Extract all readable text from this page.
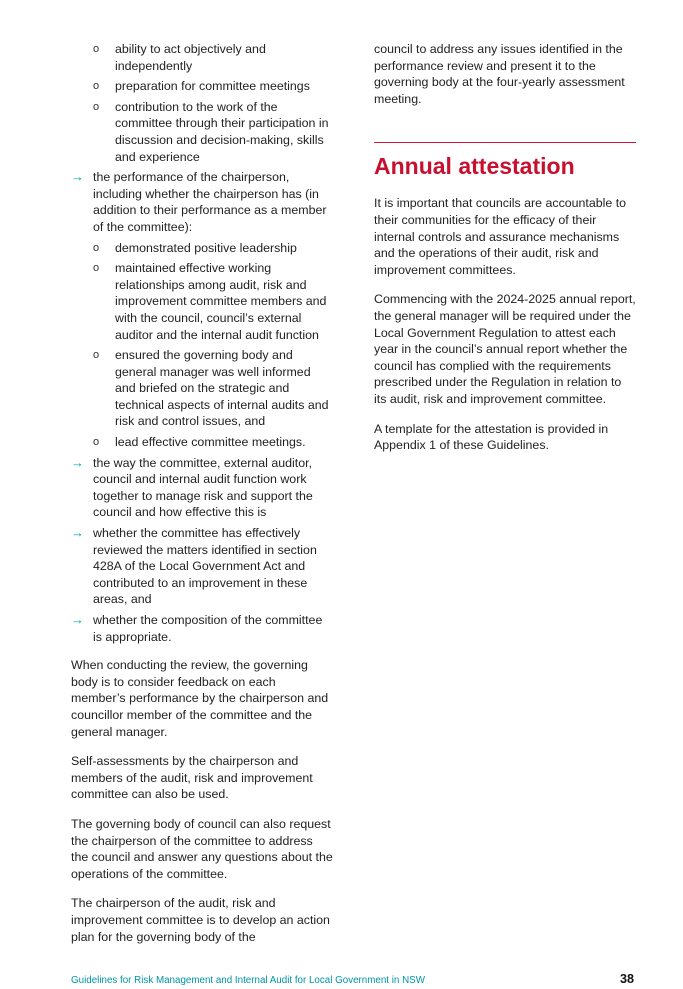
o ability to act objectively and independently
o preparation for committee meetings
o contribution to the work of the committee through their participation in discussion and decision-making, skills and experience
→ the performance of the chairperson, including whether the chairperson has (in addition to their performance as a member of the committee):
o demonstrated positive leadership
o maintained effective working relationships among audit, risk and improvement committee members and with the council, council’s external auditor and the internal audit function
o ensured the governing body and general manager was well informed and briefed on the strategic and technical aspects of internal audits and risk and control issues, and
o lead effective committee meetings.
→ the way the committee, external auditor, council and internal audit function work together to manage risk and support the council and how effective this is
→ whether the committee has effectively reviewed the matters identified in section 428A of the Local Government Act and contributed to an improvement in these areas, and
→ whether the composition of the committee is appropriate.

When conducting the review, the governing body is to consider feedback on each member’s performance by the chairperson and councillor member of the committee and the general manager.

Self-assessments by the chairperson and members of the audit, risk and improvement committee can also be used.

The governing body of council can also request the chairperson of the committee to address the council and answer any questions about the operations of the committee.

The chairperson of the audit, risk and improvement committee is to develop an action plan for the governing body of the

council to address any issues identified in the performance review and present it to the governing body at the four-yearly assessment meeting.

Annual attestation

It is important that councils are accountable to their communities for the efficacy of their internal controls and assurance mechanisms and the operations of their audit, risk and improvement committees.

Commencing with the 2024-2025 annual report, the general manager will be required under the Local Government Regulation to attest each year in the council’s annual report whether the council has complied with the requirements prescribed under the Regulation in relation to its audit, risk and improvement committee.

A template for the attestation is provided in Appendix 1 of these Guidelines.

Guidelines for Risk Management and Internal Audit for Local Government in NSW	38
